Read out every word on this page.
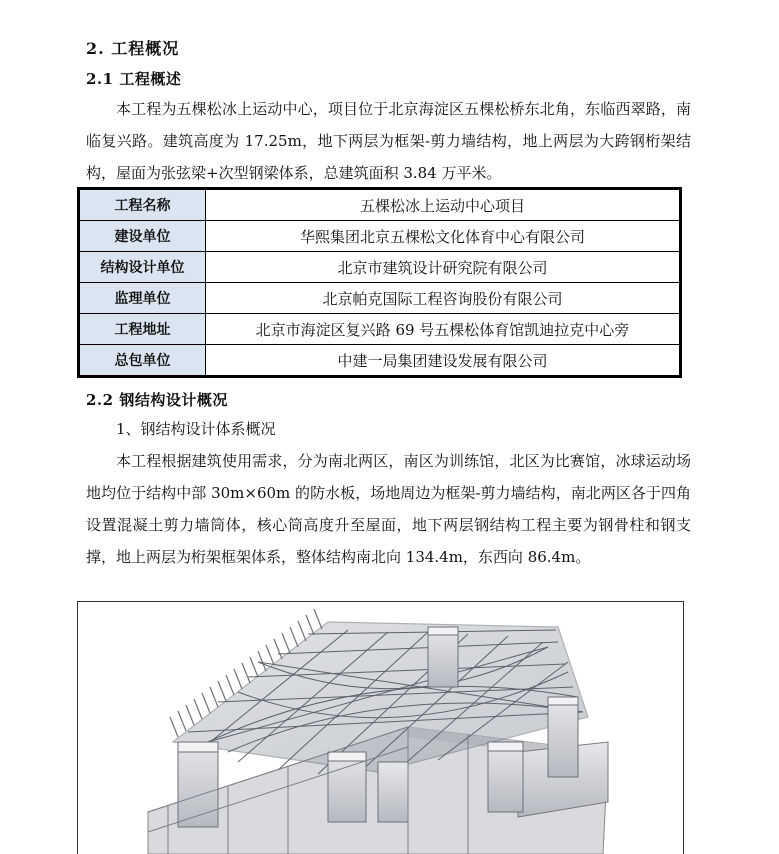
2. 工程概况
2.1 工程概述

本工程为五棵松冰上运动中心，项目位于北京海淀区五棵松桥东北角，东临西翠路，南临复兴路。建筑高度为 17.25m，地下两层为框架-剪力墙结构，地上两层为大跨钢桁架结构，屋面为张弦梁+次型钢梁体系，总建筑面积 3.84 万平米。

工程名称	五棵松冰上运动中心项目
建设单位	华熙集团北京五棵松文化体育中心有限公司
结构设计单位	北京市建筑设计研究院有限公司
监理单位	北京帕克国际工程咨询股份有限公司
工程地址	北京市海淀区复兴路 69 号五棵松体育馆凯迪拉克中心旁
总包单位	中建一局集团建设发展有限公司
2.2 钢结构设计概况

1、钢结构设计体系概况

本工程根据建筑使用需求，分为南北两区，南区为训练馆，北区为比赛馆，冰球运动场地均位于结构中部 30m×60m 的防水板，场地周边为框架-剪力墙结构，南北两区各于四角设置混凝土剪力墙筒体，核心筒高度升至屋面，地下两层钢结构工程主要为钢骨柱和钢支撑，地上两层为桁架框架体系，整体结构南北向 134.4m，东西向 86.4m。
